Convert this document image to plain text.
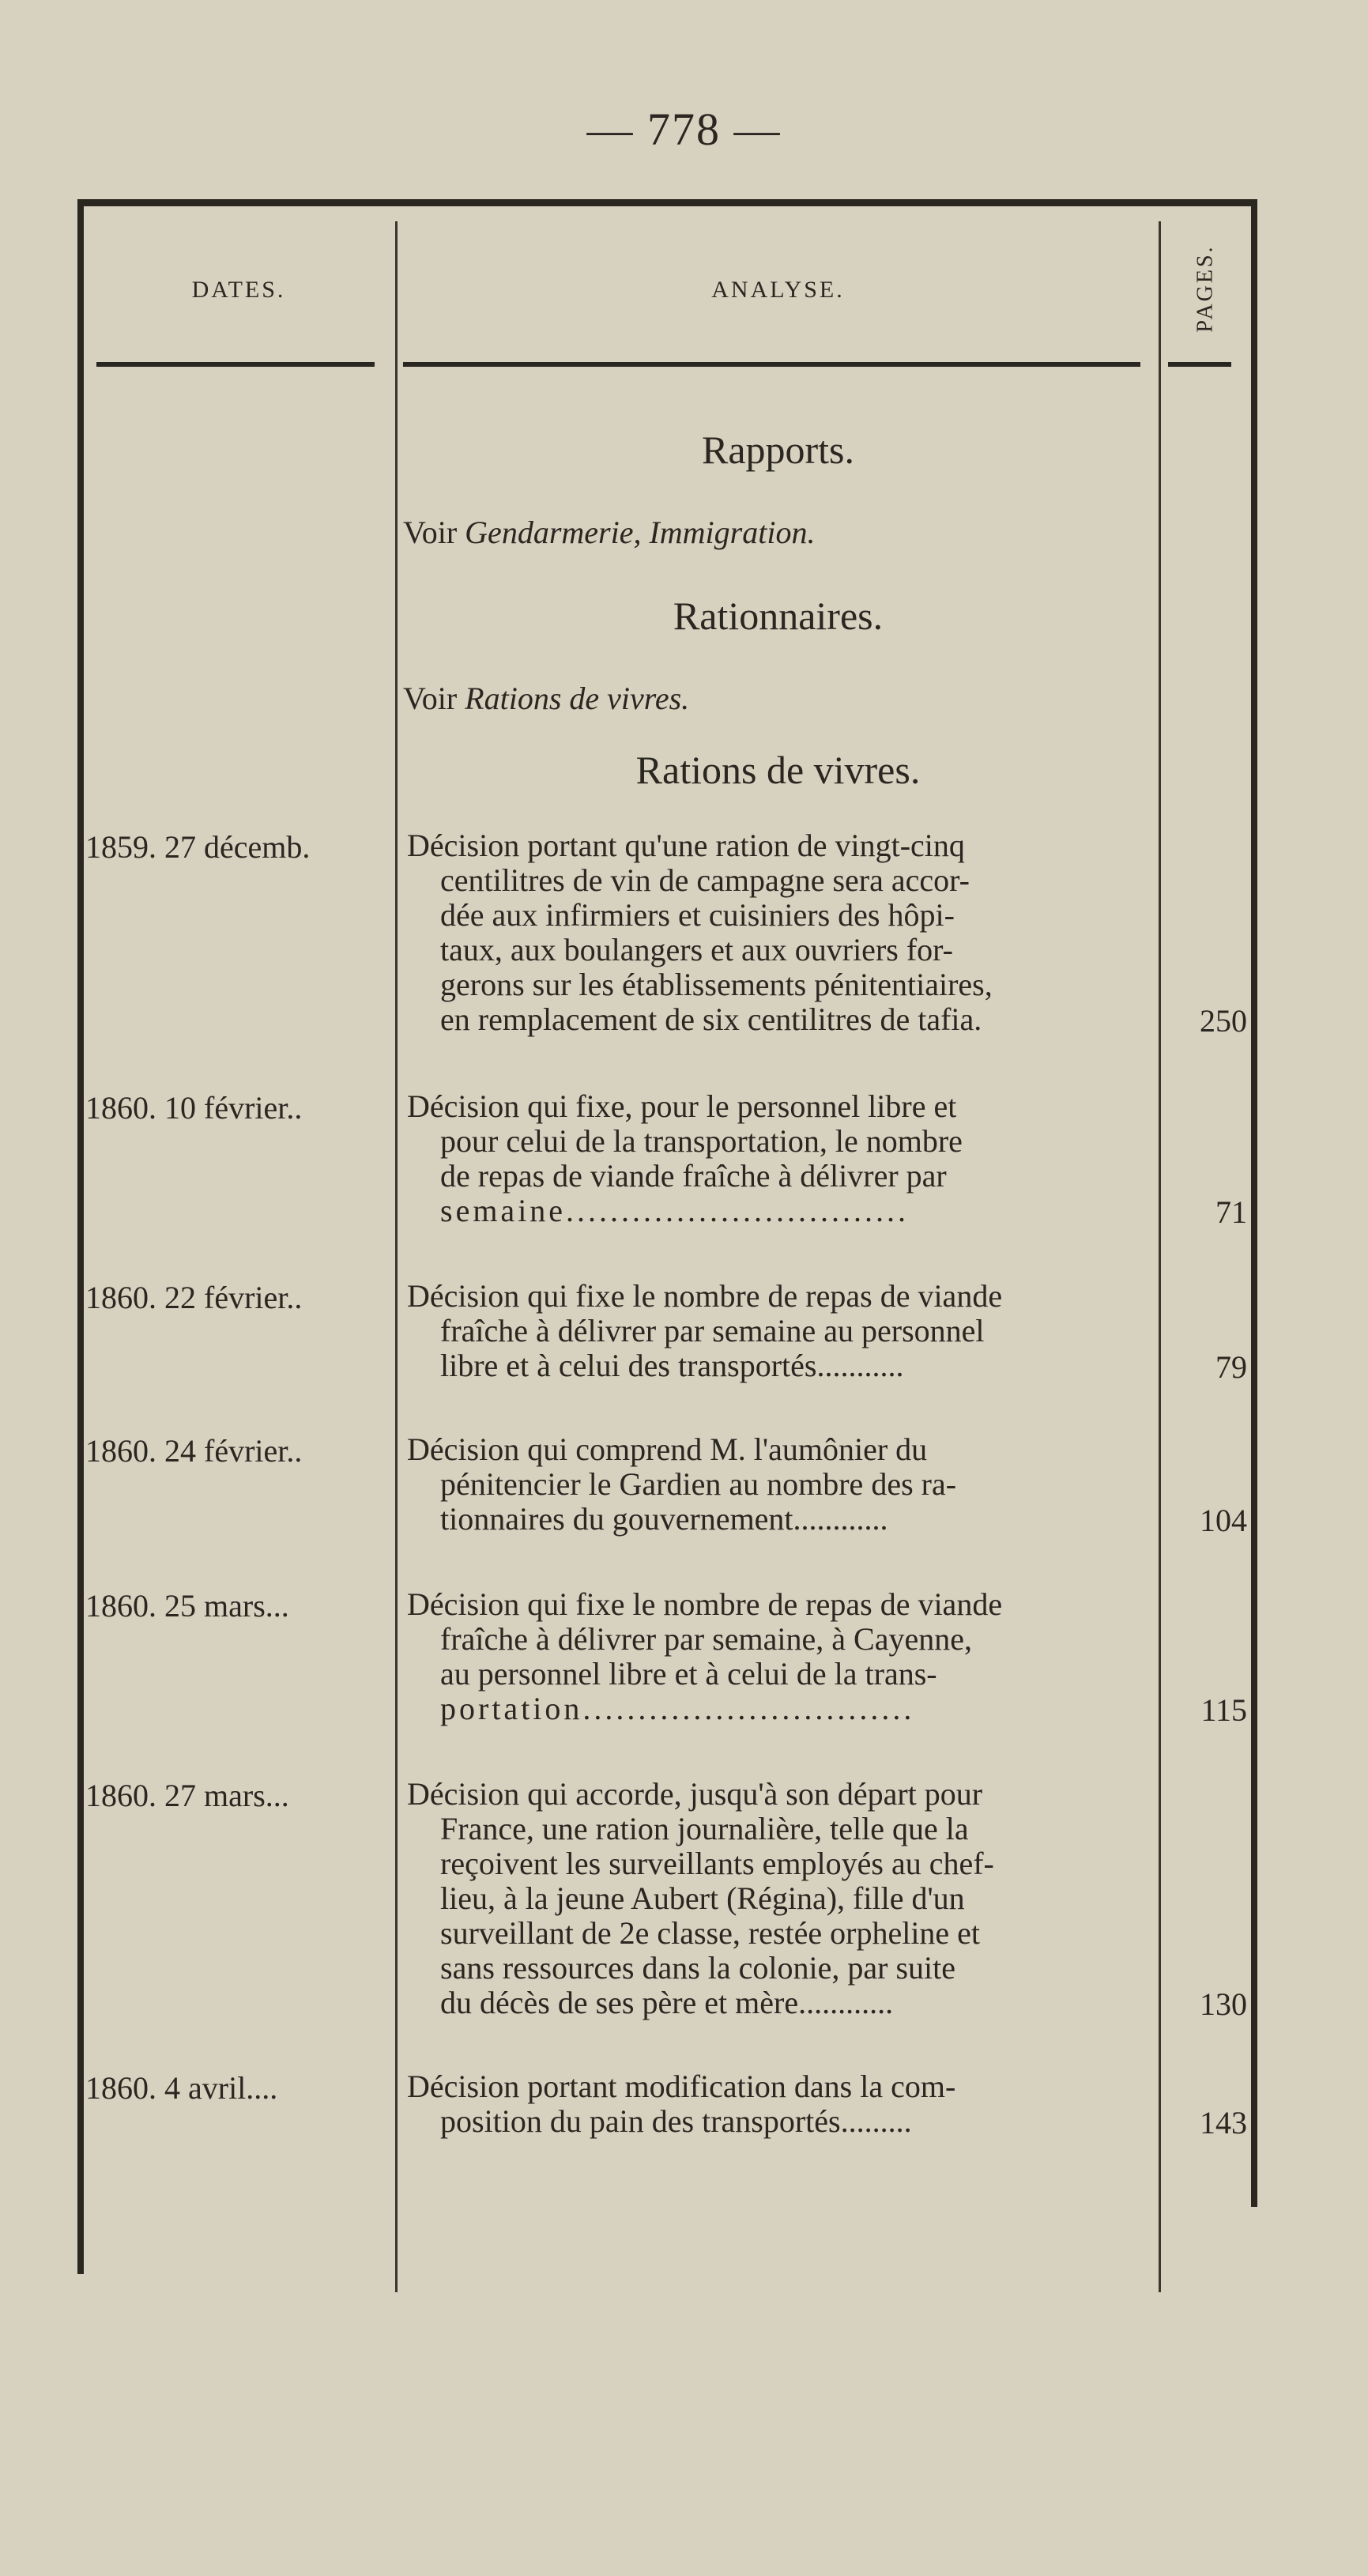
— 778 —
DATES.	ANALYSE.	PAGES.
Rapports.
Voir Gendarmerie, Immigration.
Rationnaires.
Voir Rations de vivres.
Rations de vivres.
1859. 27 décemb.	Décision portant qu'une ration de vingt-cinq
centilitres de vin de campagne sera accor-
dée aux infirmiers et cuisiniers des hôpi-
taux, aux boulangers et aux ouvriers for-
gerons sur les établissements pénitentiaires,
en remplacement de six centilitres de tafia.	250
1860. 10 février..	Décision qui fixe, pour le personnel libre et
pour celui de la transportation, le nombre
de repas de viande fraîche à délivrer par
semaine...............................	71
1860. 22 février..	Décision qui fixe le nombre de repas de viande
fraîche à délivrer par semaine au personnel
libre et à celui des transportés...........	79
1860. 24 février..	Décision qui comprend M. l'aumônier du
pénitencier le Gardien au nombre des ra-
tionnaires du gouvernement............	104
1860. 25 mars...	Décision qui fixe le nombre de repas de viande
fraîche à délivrer par semaine, à Cayenne,
au personnel libre et à celui de la trans-
portation..............................	115
1860. 27 mars...	Décision qui accorde, jusqu'à son départ pour
France, une ration journalière, telle que la
reçoivent les surveillants employés au chef-
lieu, à la jeune Aubert (Régina), fille d'un
surveillant de 2e classe, restée orpheline et
sans ressources dans la colonie, par suite
du décès de ses père et mère............	130
1860. 4 avril....	Décision portant modification dans la com-
position du pain des transportés.........	143
